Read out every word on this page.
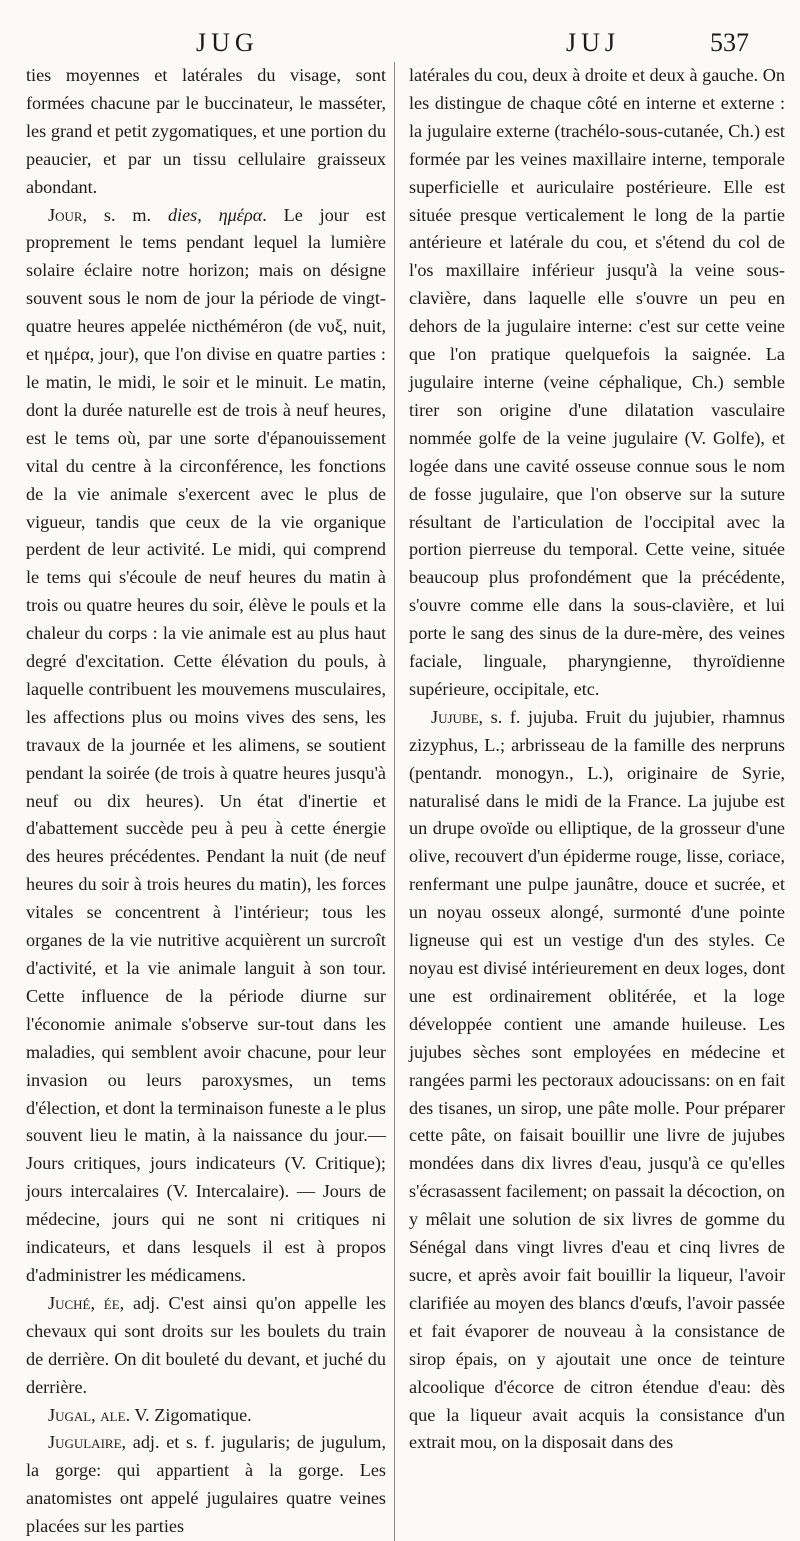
JUG	JUJ	537

ties moyennes et latérales du visage, sont formées chacune par le buccinateur, le masséter, les grand et petit zygomatiques, et une portion du peaucier, et par un tissu cellulaire graisseux abondant.

Jour, s. m. dies, ημέρα. Le jour est proprement le tems pendant lequel la lumière solaire éclaire notre horizon; mais on désigne souvent sous le nom de jour la période de vingt-quatre heures appelée nicthéméron (de νυξ, nuit, et ημέρα, jour), que l'on divise en quatre parties : le matin, le midi, le soir et le minuit. Le matin, dont la durée naturelle est de trois à neuf heures, est le tems où, par une sorte d'épanouissement vital du centre à la circonférence, les fonctions de la vie animale s'exercent avec le plus de vigueur, tandis que ceux de la vie organique perdent de leur activité. Le midi, qui comprend le tems qui s'écoule de neuf heures du matin à trois ou quatre heures du soir, élève le pouls et la chaleur du corps : la vie animale est au plus haut degré d'excitation. Cette élévation du pouls, à laquelle contribuent les mouvemens musculaires, les affections plus ou moins vives des sens, les travaux de la journée et les alimens, se soutient pendant la soirée (de trois à quatre heures jusqu'à neuf ou dix heures). Un état d'inertie et d'abattement succède peu à peu à cette énergie des heures précédentes. Pendant la nuit (de neuf heures du soir à trois heures du matin), les forces vitales se concentrent à l'intérieur; tous les organes de la vie nutritive acquièrent un surcroît d'activité, et la vie animale languit à son tour. Cette influence de la période diurne sur l'économie animale s'observe sur-tout dans les maladies, qui semblent avoir chacune, pour leur invasion ou leurs paroxysmes, un tems d'élection, et dont la terminaison funeste a le plus souvent lieu le matin, à la naissance du jour.— Jours critiques, jours indicateurs (V. Critique); jours intercalaires (V. Intercalaire). — Jours de médecine, jours qui ne sont ni critiques ni indicateurs, et dans lesquels il est à propos d'administrer les médicamens.

Juché, ée, adj. C'est ainsi qu'on appelle les chevaux qui sont droits sur les boulets du train de derrière. On dit bouleté du devant, et juché du derrière.

Jugal, ale. V. Zigomatique.

Jugulaire, adj. et s. f. jugularis; de jugulum, la gorge: qui appartient à la gorge. Les anatomistes ont appelé jugulaires quatre veines placées sur les parties

latérales du cou, deux à droite et deux à gauche. On les distingue de chaque côté en interne et externe : la jugulaire externe (trachélo-sous-cutanée, Ch.) est formée par les veines maxillaire interne, temporale superficielle et auriculaire postérieure. Elle est située presque verticalement le long de la partie antérieure et latérale du cou, et s'étend du col de l'os maxillaire inférieur jusqu'à la veine sous-clavière, dans laquelle elle s'ouvre un peu en dehors de la jugulaire interne: c'est sur cette veine que l'on pratique quelquefois la saignée. La jugulaire interne (veine céphalique, Ch.) semble tirer son origine d'une dilatation vasculaire nommée golfe de la veine jugulaire (V. Golfe), et logée dans une cavité osseuse connue sous le nom de fosse jugulaire, que l'on observe sur la suture résultant de l'articulation de l'occipital avec la portion pierreuse du temporal. Cette veine, située beaucoup plus profondément que la précédente, s'ouvre comme elle dans la sous-clavière, et lui porte le sang des sinus de la dure-mère, des veines faciale, linguale, pharyngienne, thyroïdienne supérieure, occipitale, etc.

Jujube, s. f. jujuba. Fruit du jujubier, rhamnus zizyphus, L.; arbrisseau de la famille des nerpruns (pentandr. monogyn., L.), originaire de Syrie, naturalisé dans le midi de la France. La jujube est un drupe ovoïde ou elliptique, de la grosseur d'une olive, recouvert d'un épiderme rouge, lisse, coriace, renfermant une pulpe jaunâtre, douce et sucrée, et un noyau osseux alongé, surmonté d'une pointe ligneuse qui est un vestige d'un des styles. Ce noyau est divisé intérieurement en deux loges, dont une est ordinairement oblitérée, et la loge développée contient une amande huileuse. Les jujubes sèches sont employées en médecine et rangées parmi les pectoraux adoucissans: on en fait des tisanes, un sirop, une pâte molle. Pour préparer cette pâte, on faisait bouillir une livre de jujubes mondées dans dix livres d'eau, jusqu'à ce qu'elles s'écrasassent facilement; on passait la décoction, on y mêlait une solution de six livres de gomme du Sénégal dans vingt livres d'eau et cinq livres de sucre, et après avoir fait bouillir la liqueur, l'avoir clarifiée au moyen des blancs d'œufs, l'avoir passée et fait évaporer de nouveau à la consistance de sirop épais, on y ajoutait une once de teinture alcoolique d'écorce de citron étendue d'eau: dès que la liqueur avait acquis la consistance d'un extrait mou, on la disposait dans des
